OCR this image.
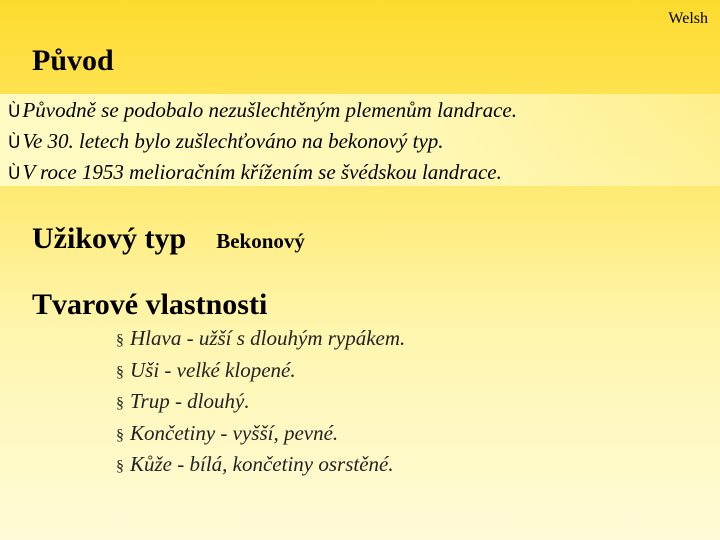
Welsh
Původ
ÙPůvodně se podobalo nezušlechtěným plemenům landrace.
ÙVe 30. letech bylo zušlechťováno na bekonový typ.
ÙV roce 1953 melioračním křížením se švédskou landrace.
Užikový typ Bekonový
Tvarové vlastnosti
§ Hlava - užší s dlouhým rypákem.
§ Uši - velké klopené.
§ Trup - dlouhý.
§ Končetiny - vyšší, pevné.
§ Kůže - bílá, končetiny osrstěné.
